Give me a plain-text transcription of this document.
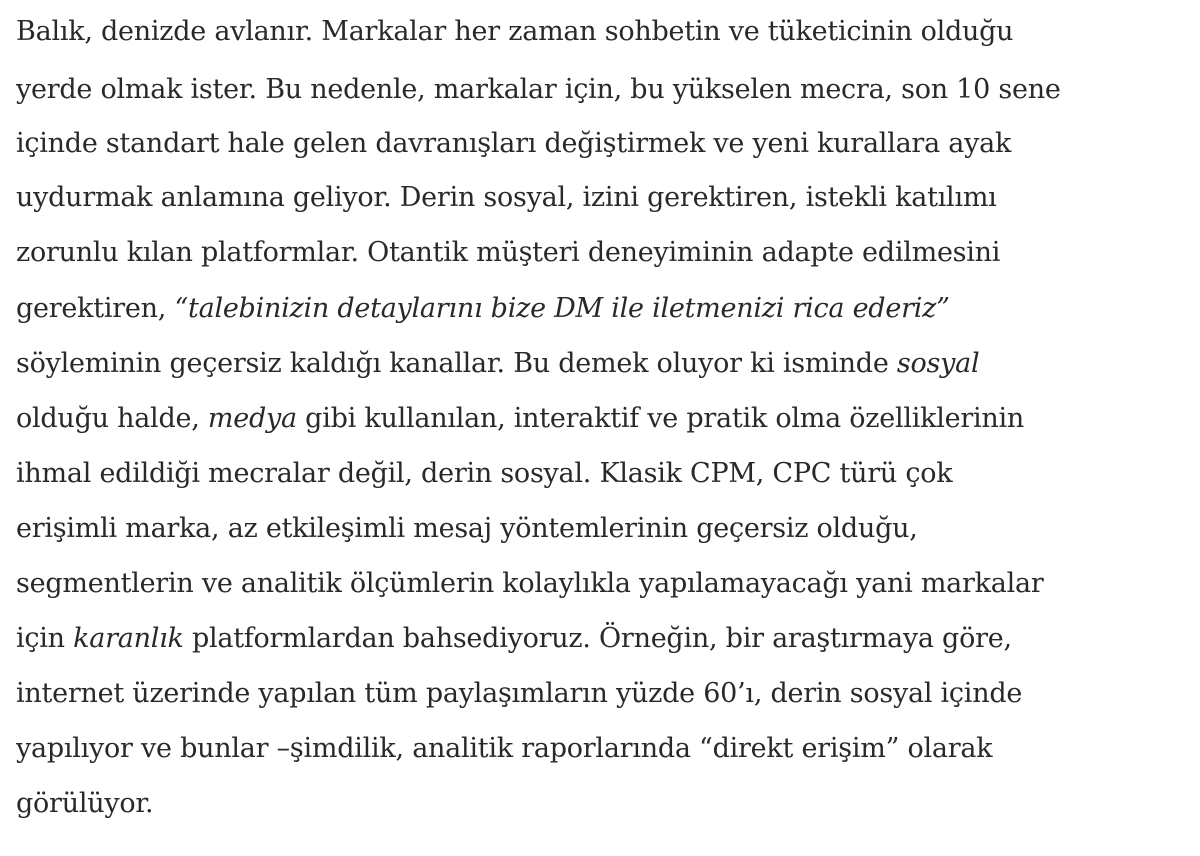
Balık, denizde avlanır. Markalar her zaman sohbetin ve tüketicinin olduğu
yerde olmak ister. Bu nedenle, markalar için, bu yükselen mecra, son 10 sene
içinde standart hale gelen davranışları değiştirmek ve yeni kurallara ayak
uydurmak anlamına geliyor. Derin sosyal, izini gerektiren, istekli katılımı
zorunlu kılan platformlar. Otantik müşteri deneyiminin adapte edilmesini
gerektiren, “talebinizin detaylarını bize DM ile iletmenizi rica ederiz”
söyleminin geçersiz kaldığı kanallar. Bu demek oluyor ki isminde sosyal
olduğu halde, medya gibi kullanılan, interaktif ve pratik olma özelliklerinin
ihmal edildiği mecralar değil, derin sosyal. Klasik CPM, CPC türü çok
erişimli marka, az etkileşimli mesaj yöntemlerinin geçersiz olduğu,
segmentlerin ve analitik ölçümlerin kolaylıkla yapılamayacağı yani markalar
için karanlık platformlardan bahsediyoruz. Örneğin, bir araştırmaya göre,
internet üzerinde yapılan tüm paylaşımların yüzde 60’ı, derin sosyal içinde
yapılıyor ve bunlar –şimdilik, analitik raporlarında “direkt erişim” olarak
görülüyor.
